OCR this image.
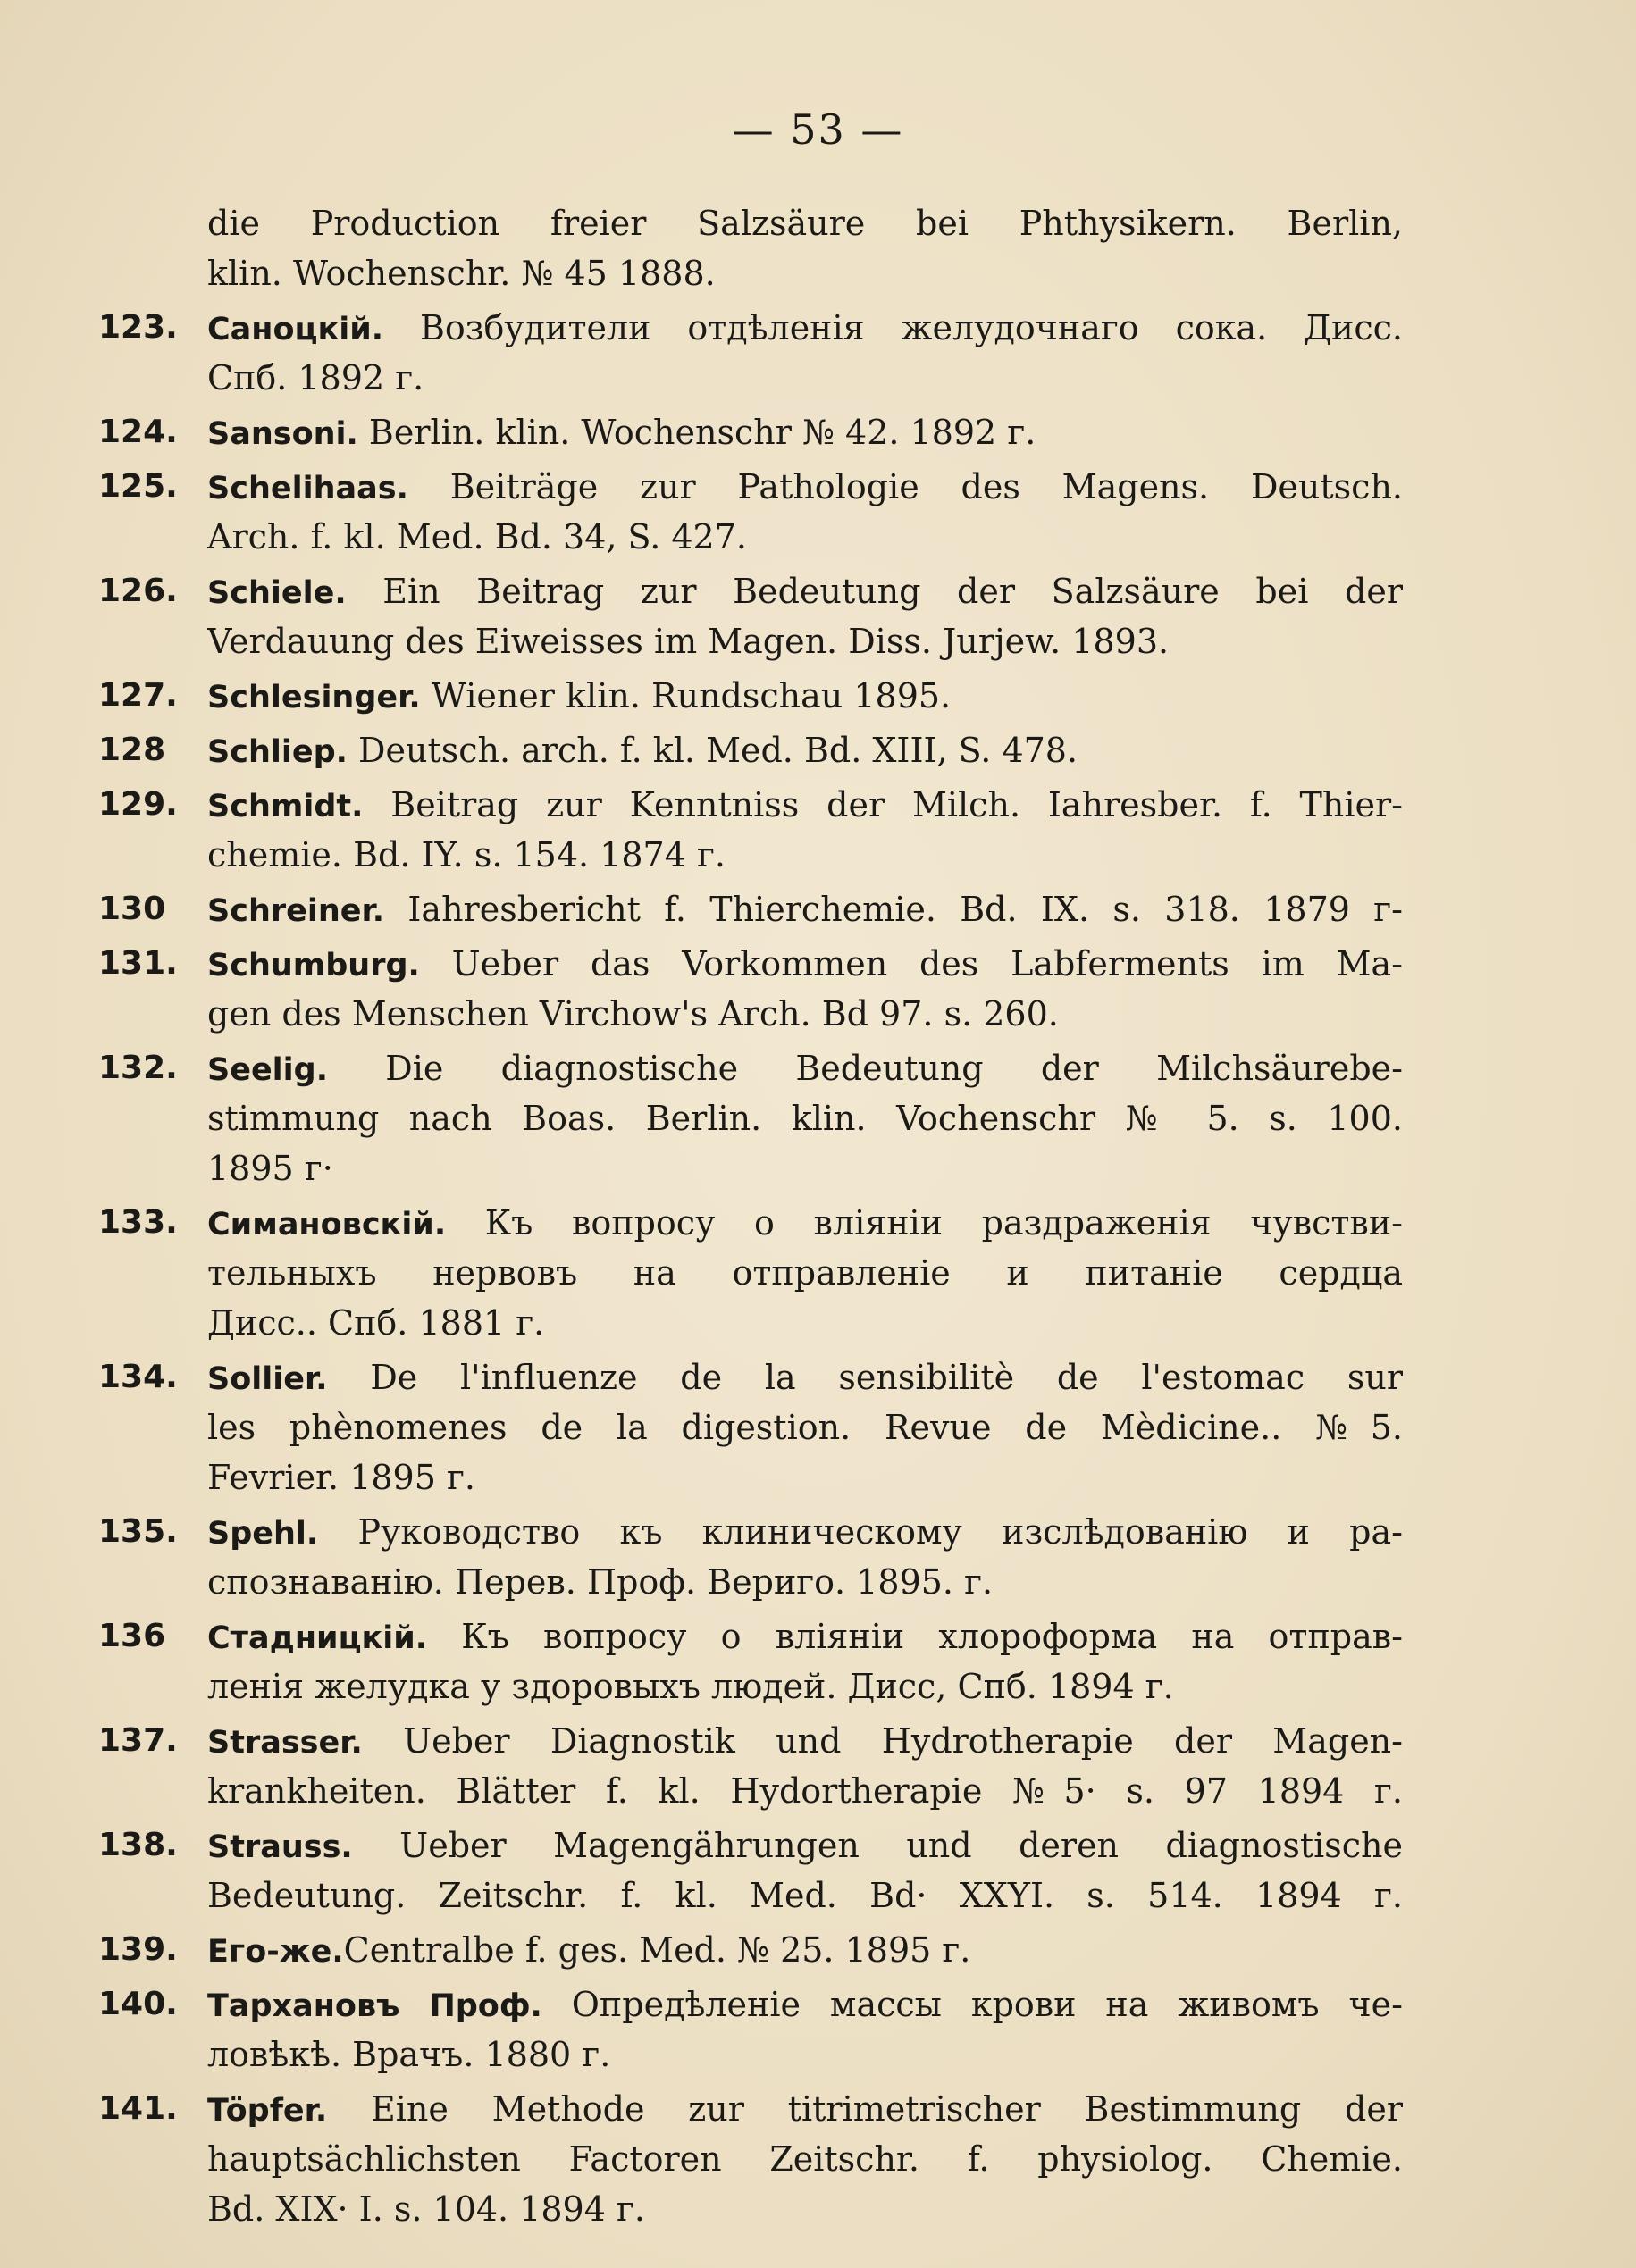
— 53 —
die Production freier Salzsäure bei Phthysikern. Berlin,
klin. Wochenschr. № 45 1888.
123. Саноцкій. Возбудители отдѣленія желудочнаго сока. Дисс.
Спб. 1892 г.
124. Sansoni. Berlin. klin. Wochenschr № 42. 1892 г.
125. Schelihaas. Beiträge zur Pathologie des Magens. Deutsch.
Arch. f. kl. Med. Bd. 34, S. 427.
126. Schiele. Ein Beitrag zur Bedeutung der Salzsäure bei der
Verdauung des Eiweisses im Magen. Diss. Jurjew. 1893.
127. Schlesinger. Wiener klin. Rundschau 1895.
128	Schliep. Deutsch. arch. f. kl. Med. Bd. XIII, S. 478.
129. Schmidt. Beitrag zur Kenntniss der Milch. Iahresber. f. Thier-
chemie. Bd. IY. s. 154. 1874 г.
130	Schreiner. Iahresbericht f. Thierchemie. Bd. IX. s. 318. 1879 г-
131. Schumburg. Ueber das Vorkommen des Labferments im Ma-
gen des Menschen Virchow's Arch. Bd 97. s. 260.
132. Seelig. Die diagnostische Bedeutung der Milchsäurebe-
stimmung nach Boas. Berlin. klin. Vochenschr № 5. s. 100.
1895 г·
133. Симановскій. Къ вопросу о вліяніи раздраженія чувстви-
тельныхъ нервовъ на отправленіе и питаніе сердца
Дисс.. Спб. 1881 г.
134. Sollier. De l'influenze de la sensibilitè de l'estomac sur
les phènomenes de la digestion. Revue de Mèdicine.. №5.
Fevrier. 1895 г.
135. Spehl. Руководство къ клиническому изслѣдованію и ра-
спознаванію. Перев. Проф. Вериго. 1895. г.
136	Стадницкій. Къ вопросу о вліяніи хлороформа на отправ-
ленія желудка у здоровыхъ людей. Дисс, Спб. 1894 г.
137. Strasser. Ueber Diagnostik und Hydrotherapie der Magen-
krankheiten. Blätter f. kl. Hydortherapie №5· s. 97 1894 г.
138. Strauss. Ueber Magengährungen und deren diagnostische
Bedeutung. Zeitschr. f. kl. Med. Bd· XXYI. s. 514. 1894 г.
139. Его-же.Centralbe f. ges. Med. № 25. 1895 г.
140. Тархановъ Проф. Опредѣленіе массы крови на живомъ че-
ловѣкѣ. Врачъ. 1880 г.
141. Töpfer. Eine Methode zur titrimetrischer Bestimmung der
hauptsächlichsten Factoren Zeitschr. f. physiolog. Chemie.
Bd. XIX· I. s. 104. 1894 г.
